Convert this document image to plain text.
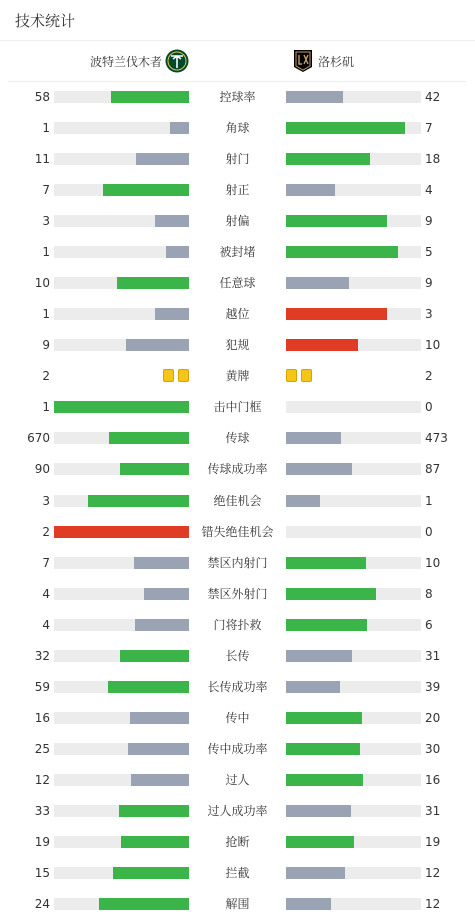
技术统计
波特兰伐木者	洛杉矶
58	控球率	42
1	角球	7
11	射门	18
7	射正	4
3	射偏	9
1	被封堵	5
10	任意球	9
1	越位	3
9	犯规	10
2	黄牌	2
1	击中门框	0
670	传球	473
90	传球成功率	87
3	绝佳机会	1
2	错失绝佳机会	0
7	禁区内射门	10
4	禁区外射门	8
4	门将扑救	6
32	长传	31
59	长传成功率	39
16	传中	20
25	传中成功率	30
12	过人	16
33	过人成功率	31
19	抢断	19
15	拦截	12
24	解围	12
